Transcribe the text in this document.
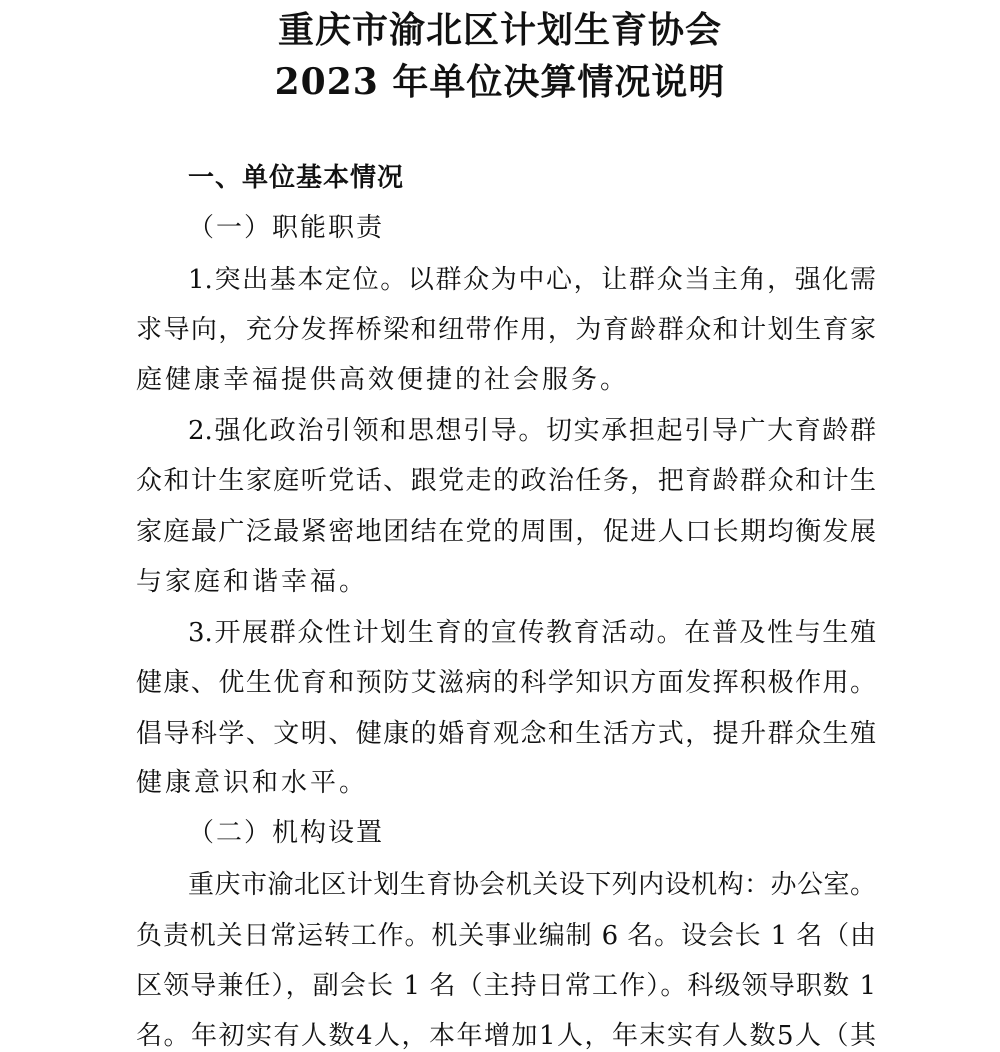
重庆市渝北区计划生育协会
2023 年单位决算情况说明
一、单位基本情况
（一）职能职责
1.突出基本定位。以群众为中心，让群众当主角，强化需
求导向，充分发挥桥梁和纽带作用，为育龄群众和计划生育家
庭健康幸福提供高效便捷的社会服务。
2.强化政治引领和思想引导。切实承担起引导广大育龄群
众和计生家庭听党话、跟党走的政治任务，把育龄群众和计生
家庭最广泛最紧密地团结在党的周围，促进人口长期均衡发展
与家庭和谐幸福。
3.开展群众性计划生育的宣传教育活动。在普及性与生殖
健康、优生优育和预防艾滋病的科学知识方面发挥积极作用。
倡导科学、文明、健康的婚育观念和生活方式，提升群众生殖
健康意识和水平。
（二）机构设置
重庆市渝北区计划生育协会机关设下列内设机构：办公室。
负责机关日常运转工作。机关事业编制 6 名。设会长 1 名（由
区领导兼任），副会长 1 名（主持日常工作）。科级领导职数 1
名。年初实有人数4人，本年增加1人，年末实有人数5人（其
